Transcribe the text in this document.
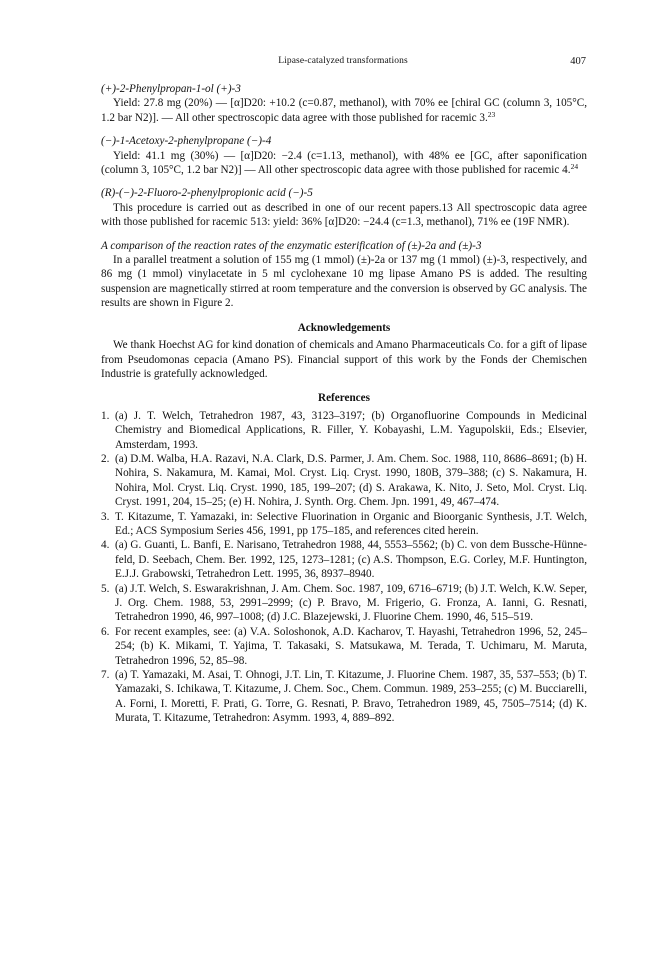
Lipase-catalyzed transformations	407
(+)-2-Phenylpropan-1-ol (+)-3
Yield: 27.8 mg (20%) — [α]D20: +10.2 (c=0.87, methanol), with 70% ee [chiral GC (column 3, 105°C, 1.2 bar N2)]. — All other spectroscopic data agree with those published for racemic 3.23
(−)-1-Acetoxy-2-phenylpropane (−)-4
Yield: 41.1 mg (30%) — [α]D20: −2.4 (c=1.13, methanol), with 48% ee [GC, after saponification (column 3, 105°C, 1.2 bar N2)] — All other spectroscopic data agree with those published for racemic 4.24
(R)-(−)-2-Fluoro-2-phenylpropionic acid (−)-5
This procedure is carried out as described in one of our recent papers.13 All spectroscopic data agree with those published for racemic 513: yield: 36% [α]D20: −24.4 (c=1.3, methanol), 71% ee (19F NMR).
A comparison of the reaction rates of the enzymatic esterification of (±)-2a and (±)-3
In a parallel treatment a solution of 155 mg (1 mmol) (±)-2a or 137 mg (1 mmol) (±)-3, respectively, and 86 mg (1 mmol) vinylacetate in 5 ml cyclohexane 10 mg lipase Amano PS is added. The resulting suspension are magnetically stirred at room temperature and the conversion is observed by GC analysis. The results are shown in Figure 2.
Acknowledgements
We thank Hoechst AG for kind donation of chemicals and Amano Pharmaceuticals Co. for a gift of lipase from Pseudomonas cepacia (Amano PS). Financial support of this work by the Fonds der Chemischen Industrie is gratefully acknowledged.
References
1. (a) J. T. Welch, Tetrahedron 1987, 43, 3123–3197; (b) Organofluorine Compounds in Medicinal Chemistry and Biomedical Applications, R. Filler, Y. Kobayashi, L.M. Yagupolskii, Eds.; Elsevier, Amsterdam, 1993.
2. (a) D.M. Walba, H.A. Razavi, N.A. Clark, D.S. Parmer, J. Am. Chem. Soc. 1988, 110, 8686–8691; (b) H. Nohira, S. Nakamura, M. Kamai, Mol. Cryst. Liq. Cryst. 1990, 180B, 379–388; (c) S. Nakamura, H. Nohira, Mol. Cryst. Liq. Cryst. 1990, 185, 199–207; (d) S. Arakawa, K. Nito, J. Seto, Mol. Cryst. Liq. Cryst. 1991, 204, 15–25; (e) H. Nohira, J. Synth. Org. Chem. Jpn. 1991, 49, 467–474.
3. T. Kitazume, T. Yamazaki, in: Selective Fluorination in Organic and Bioorganic Synthesis, J.T. Welch, Ed.; ACS Symposium Series 456, 1991, pp 175–185, and references cited herein.
4. (a) G. Guanti, L. Banfi, E. Narisano, Tetrahedron 1988, 44, 5553–5562; (b) C. von dem Bussche-Hünne-feld, D. Seebach, Chem. Ber. 1992, 125, 1273–1281; (c) A.S. Thompson, E.G. Corley, M.F. Huntington, E.J.J. Grabowski, Tetrahedron Lett. 1995, 36, 8937–8940.
5. (a) J.T. Welch, S. Eswarakrishnan, J. Am. Chem. Soc. 1987, 109, 6716–6719; (b) J.T. Welch, K.W. Seper, J. Org. Chem. 1988, 53, 2991–2999; (c) P. Bravo, M. Frigerio, G. Fronza, A. Ianni, G. Resnati, Tetrahedron 1990, 46, 997–1008; (d) J.C. Blazejewski, J. Fluorine Chem. 1990, 46, 515–519.
6. For recent examples, see: (a) V.A. Soloshonok, A.D. Kacharov, T. Hayashi, Tetrahedron 1996, 52, 245–254; (b) K. Mikami, T. Yajima, T. Takasaki, S. Matsukawa, M. Terada, T. Uchimaru, M. Maruta, Tetrahedron 1996, 52, 85–98.
7. (a) T. Yamazaki, M. Asai, T. Ohnogi, J.T. Lin, T. Kitazume, J. Fluorine Chem. 1987, 35, 537–553; (b) T. Yamazaki, S. Ichikawa, T. Kitazume, J. Chem. Soc., Chem. Commun. 1989, 253–255; (c) M. Bucciarelli, A. Forni, I. Moretti, F. Prati, G. Torre, G. Resnati, P. Bravo, Tetrahedron 1989, 45, 7505–7514; (d) K. Murata, T. Kitazume, Tetrahedron: Asymm. 1993, 4, 889–892.
